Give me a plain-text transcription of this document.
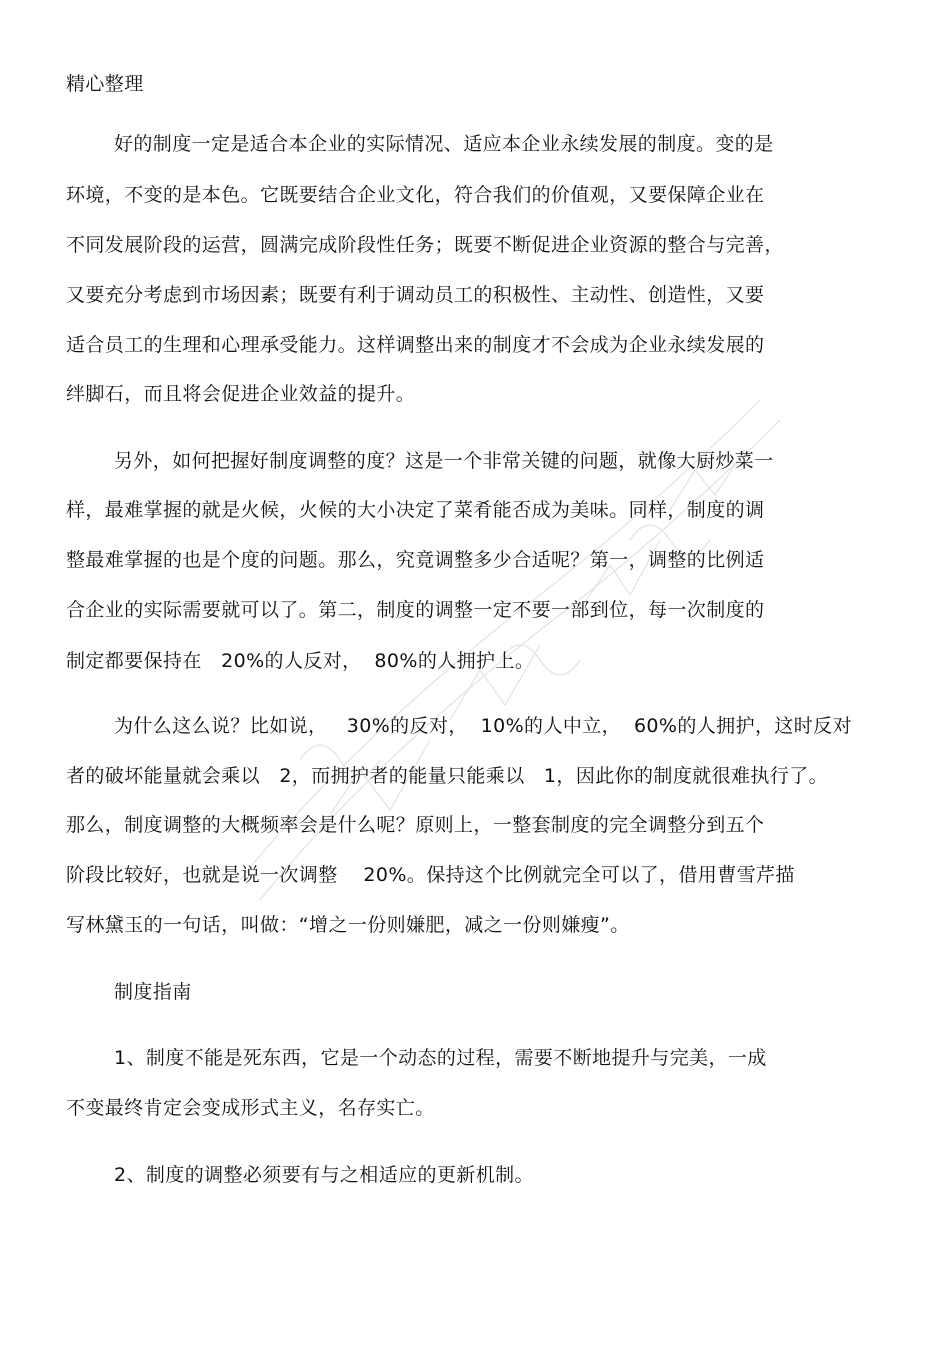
精心整理
好的制度一定是适合本企业的实际情况、适应本企业永续发展的制度。变的是
环境，不变的是本色。它既要结合企业文化，符合我们的价值观，又要保障企业在
不同发展阶段的运营，圆满完成阶段性任务；既要不断促进企业资源的整合与完善，
又要充分考虑到市场因素；既要有利于调动员工的积极性、主动性、创造性，又要
适合员工的生理和心理承受能力。这样调整出来的制度才不会成为企业永续发展的
绊脚石，而且将会促进企业效益的提升。
另外，如何把握好制度调整的度？这是一个非常关键的问题，就像大厨炒菜一
样，最难掌握的就是火候，火候的大小决定了菜肴能否成为美味。同样，制度的调
整最难掌握的也是个度的问题。那么，究竟调整多少合适呢？第一，调整的比例适
合企业的实际需要就可以了。第二，制度的调整一定不要一部到位，每一次制度的
制定都要保持在   20%的人反对，  80%的人拥护上。
为什么这么说？比如说，   30%的反对，  10%的人中立，  60%的人拥护，这时反对
者的破坏能量就会乘以   2，而拥护者的能量只能乘以   1，因此你的制度就很难执行了。
那么，制度调整的大概频率会是什么呢？原则上，一整套制度的完全调整分到五个
阶段比较好，也就是说一次调整    20%。保持这个比例就完全可以了，借用曹雪芹描
写林黛玉的一句话，叫做：“增之一份则嫌肥，减之一份则嫌瘦”。
制度指南
1、制度不能是死东西，它是一个动态的过程，需要不断地提升与完美，一成
不变最终肯定会变成形式主义，名存实亡。
2、制度的调整必须要有与之相适应的更新机制。
